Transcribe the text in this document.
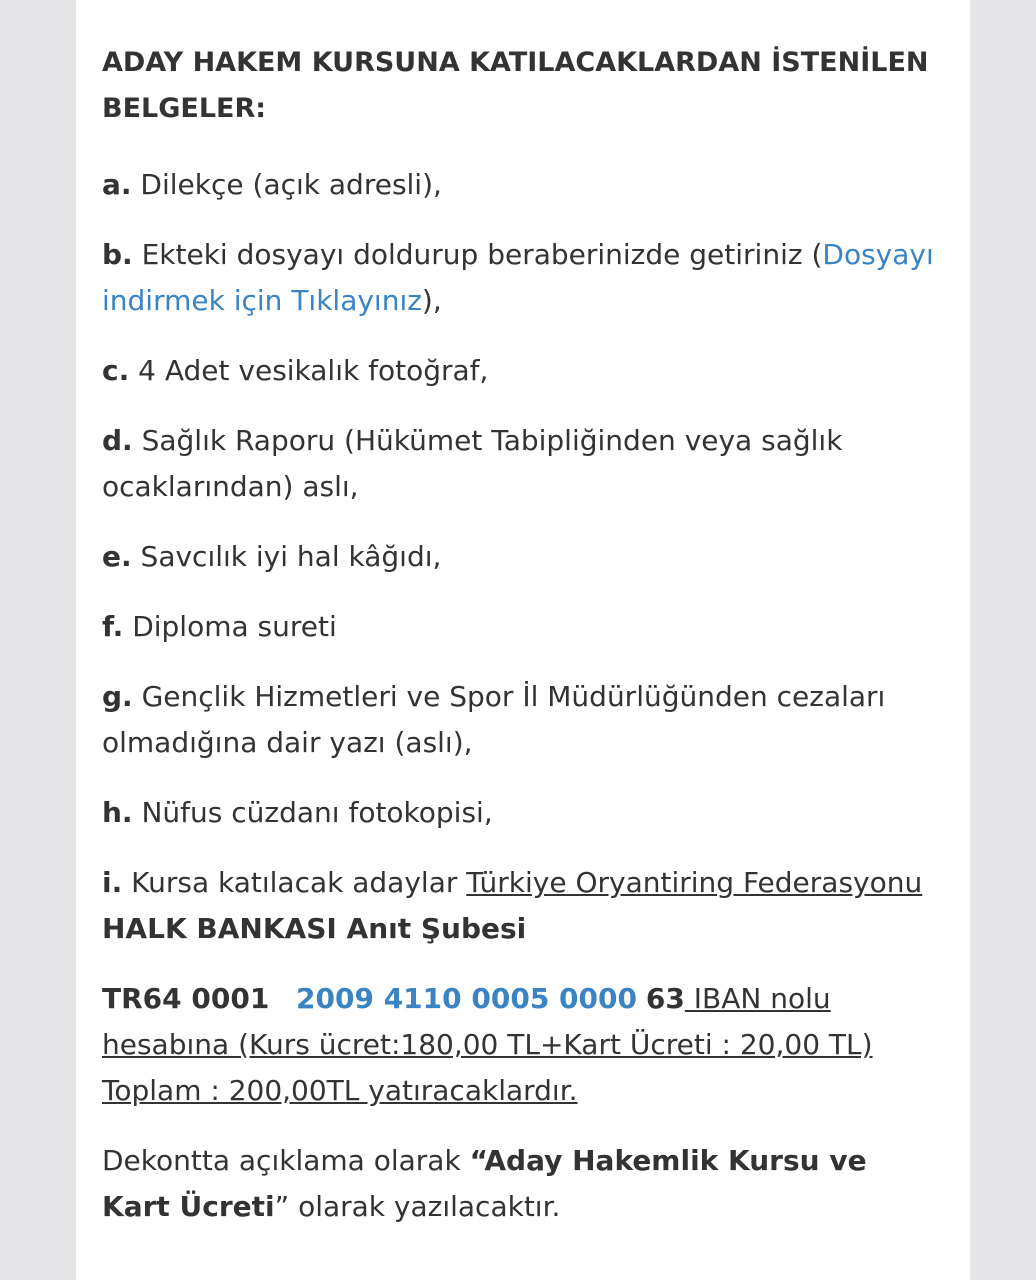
ADAY HAKEM KURSUNA KATILACAKLARDAN İSTENİLEN BELGELER:

a. Dilekçe (açık adresli),

b. Ekteki dosyayı doldurup beraberinizde getiriniz (Dosyayı indirmek için Tıklayınız),

c. 4 Adet vesikalık fotoğraf,

d. Sağlık Raporu (Hükümet Tabipliğinden veya sağlık ocaklarından) aslı,

e. Savcılık iyi hal kâğıdı,

f. Diploma sureti

g. Gençlik Hizmetleri ve Spor İl Müdürlüğünden cezaları olmadığına dair yazı (aslı),

h. Nüfus cüzdanı fotokopisi,

i. Kursa katılacak adaylar Türkiye Oryantiring Federasyonu HALK BANKASI Anıt Şubesi

TR64 0001 2009 4110 0005 0000 63 IBAN nolu hesabına (Kurs ücret:180,00 TL+Kart Ücreti : 20,00 TL) Toplam : 200,00TL yatıracaklardır.

Dekontta açıklama olarak “Aday Hakemlik Kursu ve Kart Ücreti” olarak yazılacaktır.
